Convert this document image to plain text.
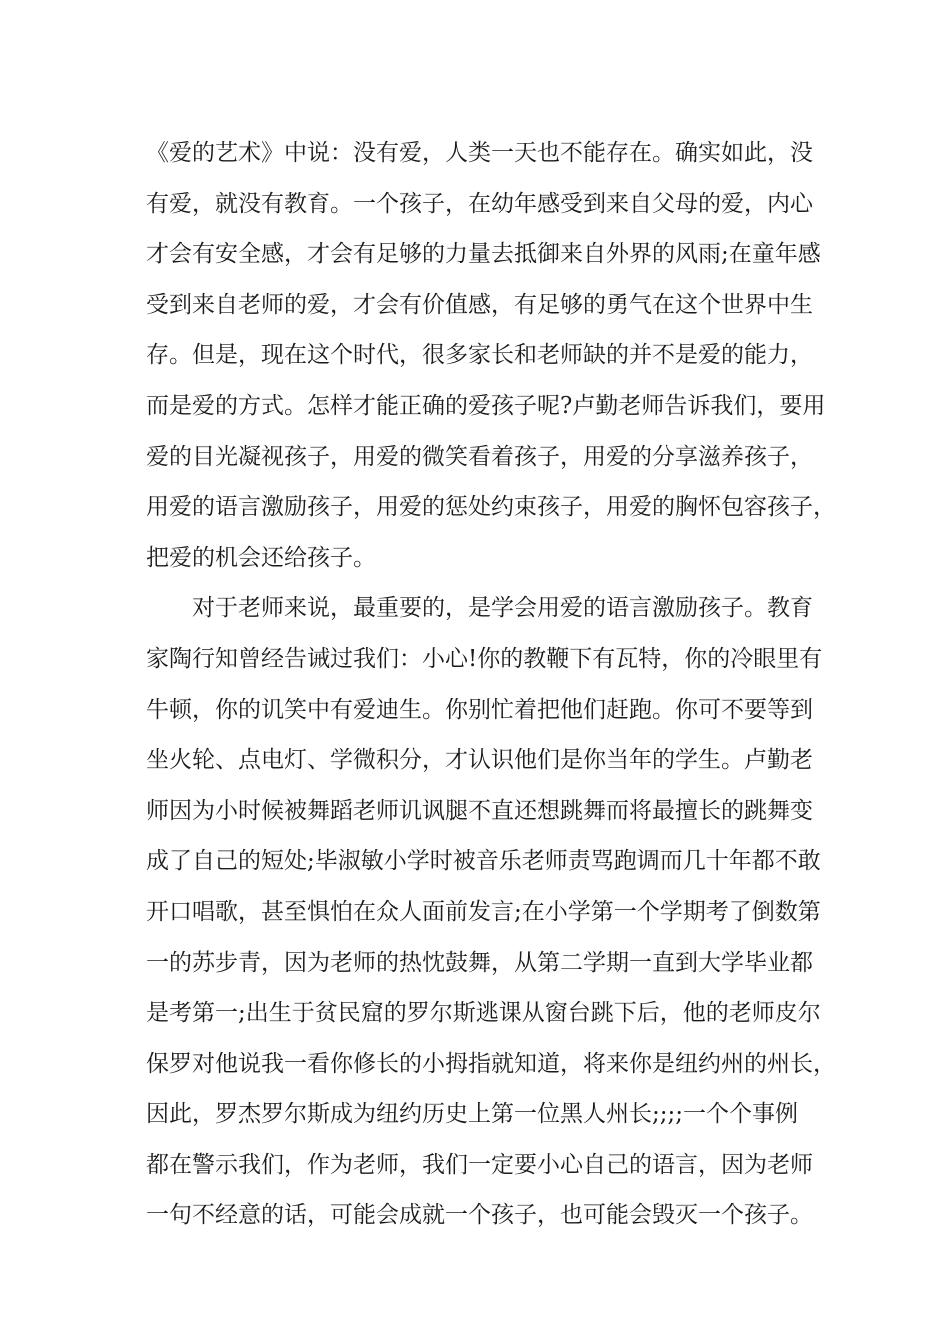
《爱的艺术》中说：没有爱，人类一天也不能存在。确实如此，没
有爱，就没有教育。一个孩子，在幼年感受到来自父母的爱，内心
才会有安全感，才会有足够的力量去抵御来自外界的风雨;在童年感
受到来自老师的爱，才会有价值感，有足够的勇气在这个世界中生
存。但是，现在这个时代，很多家长和老师缺的并不是爱的能力，
而是爱的方式。怎样才能正确的爱孩子呢?卢勤老师告诉我们，要用
爱的目光凝视孩子，用爱的微笑看着孩子，用爱的分享滋养孩子，
用爱的语言激励孩子，用爱的惩处约束孩子，用爱的胸怀包容孩子，
把爱的机会还给孩子。
对于老师来说，最重要的，是学会用爱的语言激励孩子。教育
家陶行知曾经告诫过我们：小心!你的教鞭下有瓦特，你的冷眼里有
牛顿，你的讥笑中有爱迪生。你别忙着把他们赶跑。你可不要等到
坐火轮、点电灯、学微积分，才认识他们是你当年的学生。卢勤老
师因为小时候被舞蹈老师讥讽腿不直还想跳舞而将最擅长的跳舞变
成了自己的短处;毕淑敏小学时被音乐老师责骂跑调而几十年都不敢
开口唱歌，甚至惧怕在众人面前发言;在小学第一个学期考了倒数第
一的苏步青，因为老师的热忱鼓舞，从第二学期一直到大学毕业都
是考第一;出生于贫民窟的罗尔斯逃课从窗台跳下后，他的老师皮尔
保罗对他说我一看你修长的小拇指就知道，将来你是纽约州的州长，
因此，罗杰罗尔斯成为纽约历史上第一位黑人州长;;;;一个个事例
都在警示我们，作为老师，我们一定要小心自己的语言，因为老师
一句不经意的话，可能会成就一个孩子，也可能会毁灭一个孩子。
